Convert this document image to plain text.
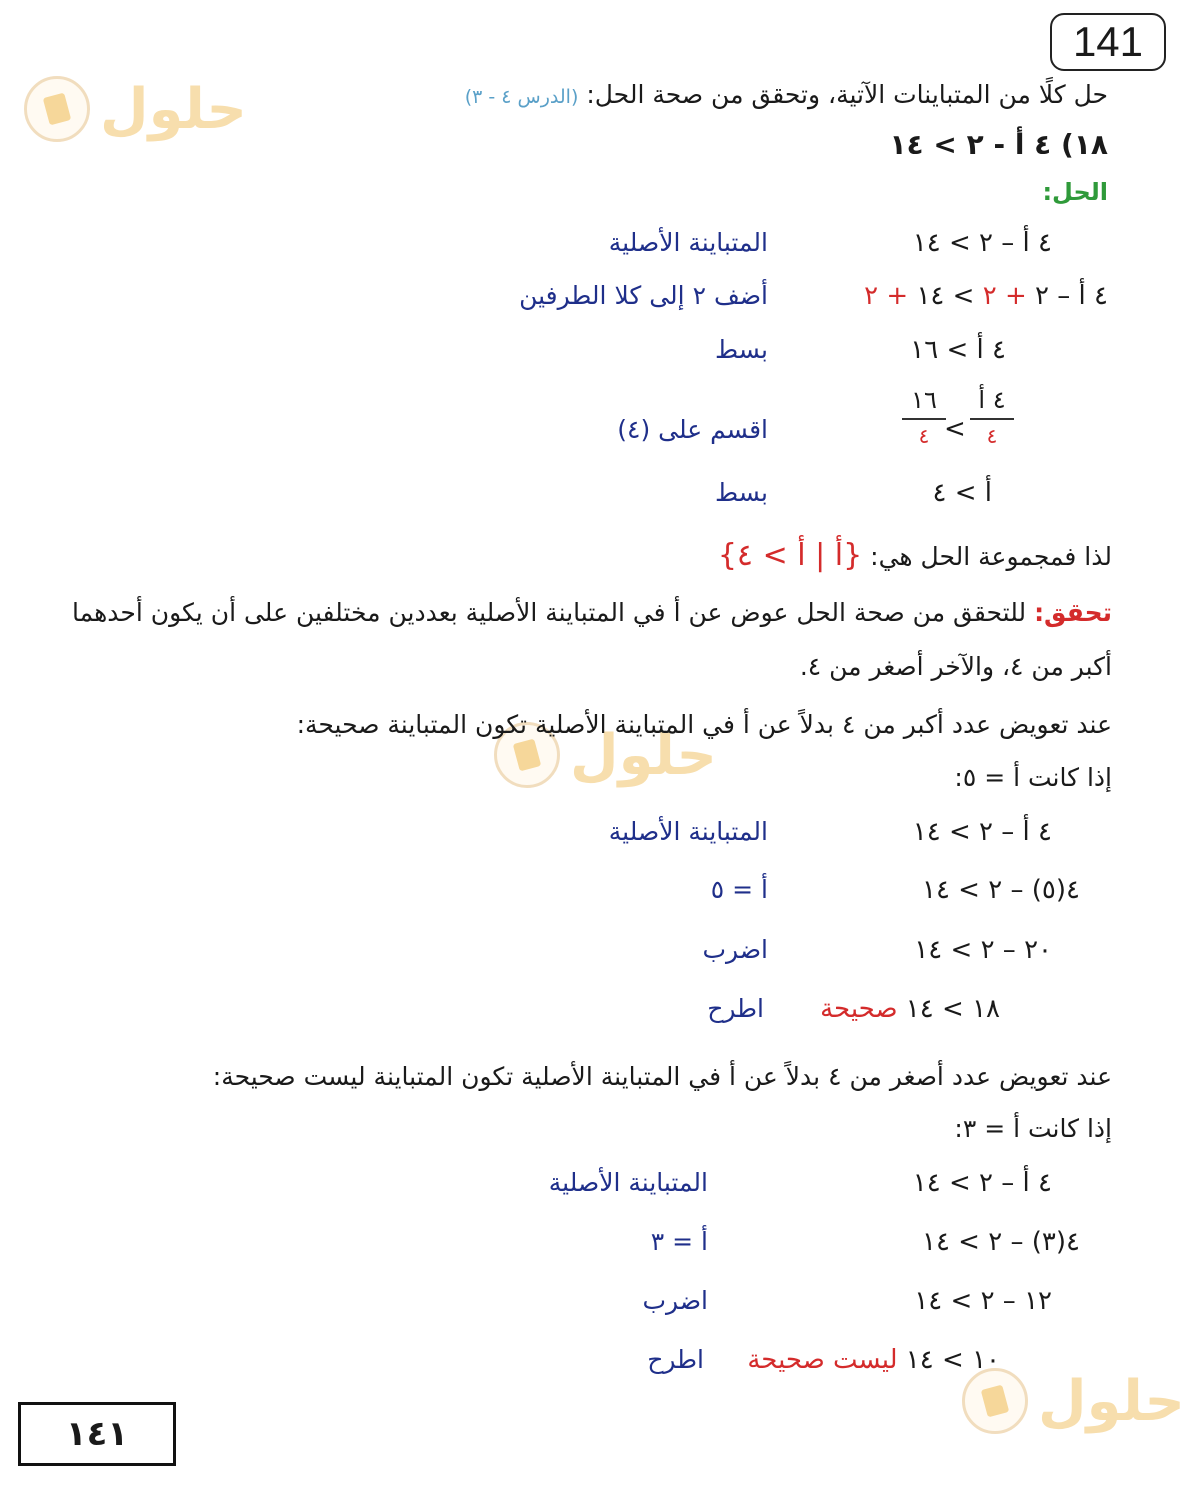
141
حلول
حلول
حلول
حل كلًا من المتباينات الآتية، وتحقق من صحة الحل: (الدرس ٤ - ٣)
١٨) ٤ أ - ٢ > ١٤
الحل:
٤ أ – ٢ > ١٤
المتباينة الأصلية
٤ أ – ٢ + ٢ > ١٤ + ٢
أضف ٢ إلى كلا الطرفين
٤ أ > ١٦
بسط
٤ أ
٤
<
١٦
٤
اقسم على (٤)
أ > ٤
بسط
لذا فمجموعة الحل هي: {أ | أ > ٤}
تحقق: للتحقق من صحة الحل عوض عن أ في المتباينة الأصلية بعددين مختلفين على أن يكون أحدهما
أكبر من ٤، والآخر أصغر من ٤.
عند تعويض عدد أكبر من ٤ بدلاً عن أ في المتباينة الأصلية تكون المتباينة صحيحة:
إذا كانت أ = ٥:
٤ أ – ٢ > ١٤
المتباينة الأصلية
٤(٥) – ٢ > ١٤
أ = ٥
٢٠ – ٢ > ١٤
اضرب
١٨ > ١٤ صحيحة
اطرح
عند تعويض عدد أصغر من ٤ بدلاً عن أ في المتباينة الأصلية تكون المتباينة ليست صحيحة:
إذا كانت أ = ٣:
٤ أ – ٢ > ١٤
المتباينة الأصلية
٤(٣) – ٢ > ١٤
أ = ٣
١٢ – ٢ > ١٤
اضرب
١٠ > ١٤ ليست صحيحة
اطرح
١٤١
